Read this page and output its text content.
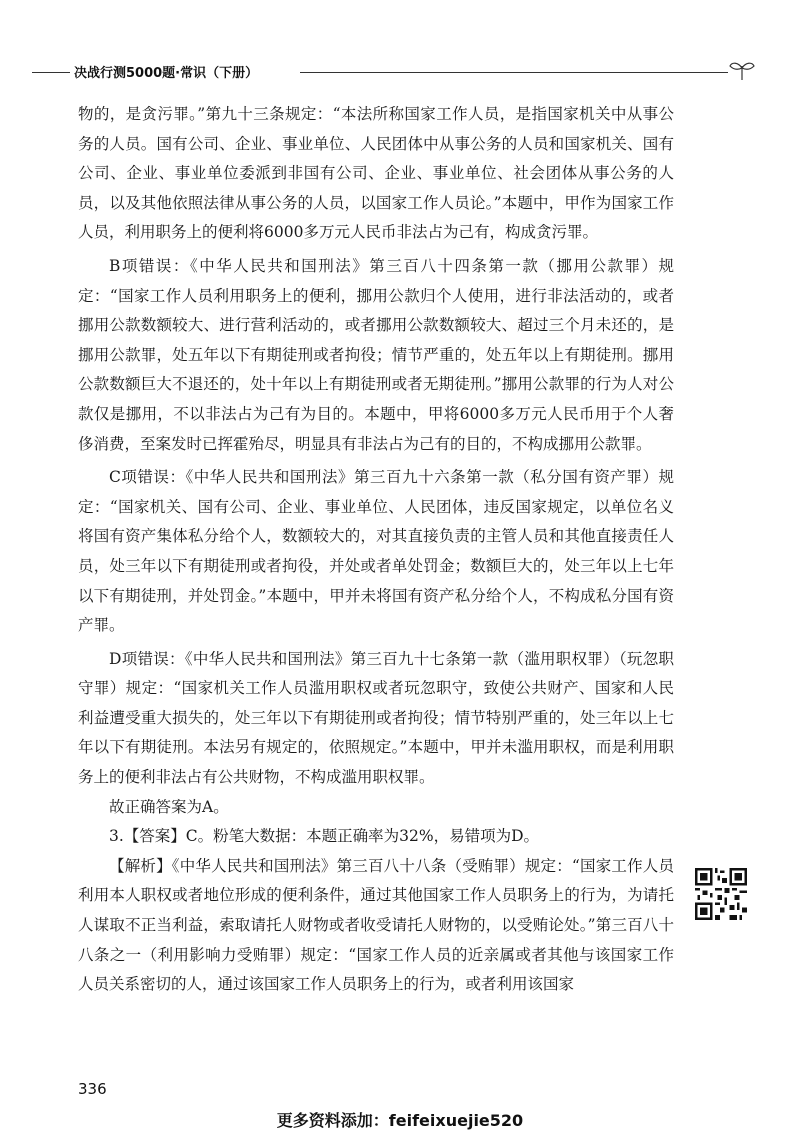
决战行测5000题·常识（下册）

物的，是贪污罪。”第九十三条规定：“本法所称国家工作人员，是指国家机关中从事公务的人员。国有公司、企业、事业单位、人民团体中从事公务的人员和国家机关、国有公司、企业、事业单位委派到非国有公司、企业、事业单位、社会团体从事公务的人员，以及其他依照法律从事公务的人员，以国家工作人员论。”本题中，甲作为国家工作人员，利用职务上的便利将6000多万元人民币非法占为己有，构成贪污罪。

B项错误：《中华人民共和国刑法》第三百八十四条第一款（挪用公款罪）规定：“国家工作人员利用职务上的便利，挪用公款归个人使用，进行非法活动的，或者挪用公款数额较大、进行营利活动的，或者挪用公款数额较大、超过三个月未还的，是挪用公款罪，处五年以下有期徒刑或者拘役；情节严重的，处五年以上有期徒刑。挪用公款数额巨大不退还的，处十年以上有期徒刑或者无期徒刑。”挪用公款罪的行为人对公款仅是挪用，不以非法占为己有为目的。本题中，甲将6000多万元人民币用于个人奢侈消费，至案发时已挥霍殆尽，明显具有非法占为己有的目的，不构成挪用公款罪。

C项错误：《中华人民共和国刑法》第三百九十六条第一款（私分国有资产罪）规定：“国家机关、国有公司、企业、事业单位、人民团体，违反国家规定，以单位名义将国有资产集体私分给个人，数额较大的，对其直接负责的主管人员和其他直接责任人员，处三年以下有期徒刑或者拘役，并处或者单处罚金；数额巨大的，处三年以上七年以下有期徒刑，并处罚金。”本题中，甲并未将国有资产私分给个人，不构成私分国有资产罪。

D项错误：《中华人民共和国刑法》第三百九十七条第一款（滥用职权罪）（玩忽职守罪）规定：“国家机关工作人员滥用职权或者玩忽职守，致使公共财产、国家和人民利益遭受重大损失的，处三年以下有期徒刑或者拘役；情节特别严重的，处三年以上七年以下有期徒刑。本法另有规定的，依照规定。”本题中，甲并未滥用职权，而是利用职务上的便利非法占有公共财物，不构成滥用职权罪。

故正确答案为A。

3.【答案】C。粉笔大数据：本题正确率为32%，易错项为D。

【解析】《中华人民共和国刑法》第三百八十八条（受贿罪）规定：“国家工作人员利用本人职权或者地位形成的便利条件，通过其他国家工作人员职务上的行为，为请托人谋取不正当利益，索取请托人财物或者收受请托人财物的，以受贿论处。”第三百八十八条之一（利用影响力受贿罪）规定：“国家工作人员的近亲属或者其他与该国家工作人员关系密切的人，通过该国家工作人员职务上的行为，或者利用该国家

336
更多资料添加：feifeixuejie520
